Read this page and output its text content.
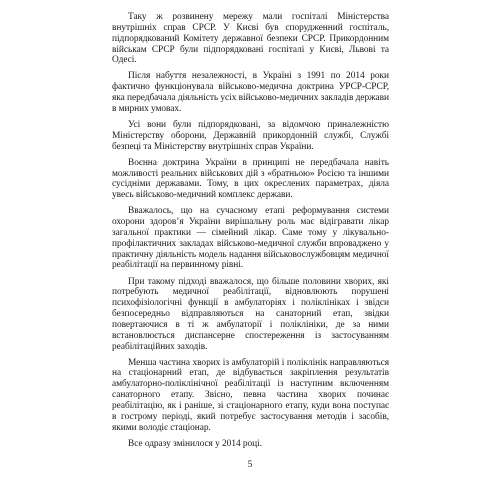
Таку ж розвинену мережу мали госпіталі Міністерства внутрішніх справ СРСР. У Києві був спорудженний госпіталь, підпорядкований Комітету державної безпеки СРСР. Прикордонним військам СРСР були підпорядковані госпіталі у Києві, Львові та Одесі.

Після набуття незалежності, в Україні з 1991 по 2014 роки фактично функціонувала військово-медична доктрина УРСР-СРСР, яка передбачала діяльність усіх військово-медичних закладів держави в мирних умовах.

Усі вони були підпорядковані, за відомчою приналежністю Міністерству оборони, Державній прикордонній службі, Службі безпеці та Міністерству внутрішніх справ України.

Воєнна доктрина України в принципі не передбачала навіть можливості реальних військових дій з «братньою» Росією та іншими сусідніми державами. Тому, в цих окреслених параметрах, діяла увесь військово-медичний комплекс держави.

Вважалось, що на сучасному етапі реформування системи охорони здоров’я України вирішальну роль має відігравати лікар загальної практики — сімейний лікар. Саме тому у лікувально-профілактичних закладах військово-медичної служби впроваджено у практичну діяльність модель надання військовослужбовцям медичної реабілітації на первинному рівні.

При такому підході вважалося, що більше половини хворих, які потребують медичної реабілітації, відновлюють порушені психофізіологічні функції в амбулаторіях і поліклініках і звідси безпосередньо відправляються на санаторний етап, звідки повертаючися в ті ж амбулаторії і поліклініки, де за ними встановлюється диспансерне спостереження із застосуванням реабілітаційних заходів.

Менша частина хворих із амбулаторій і поліклінік направляються на стаціонарний етап, де відбувається закріплення результатів амбулаторно-поліклінічної реабілітації із наступним включенням санаторного етапу. Звісно, певна частина хворих починає реабілітацію, як і раніше, зі стаціонарного етапу, куди вона поступає в гострому періоді, який потребує застосування методів і засобів, якими володіє стаціонар.

Все одразу змінилося у 2014 році.

5
